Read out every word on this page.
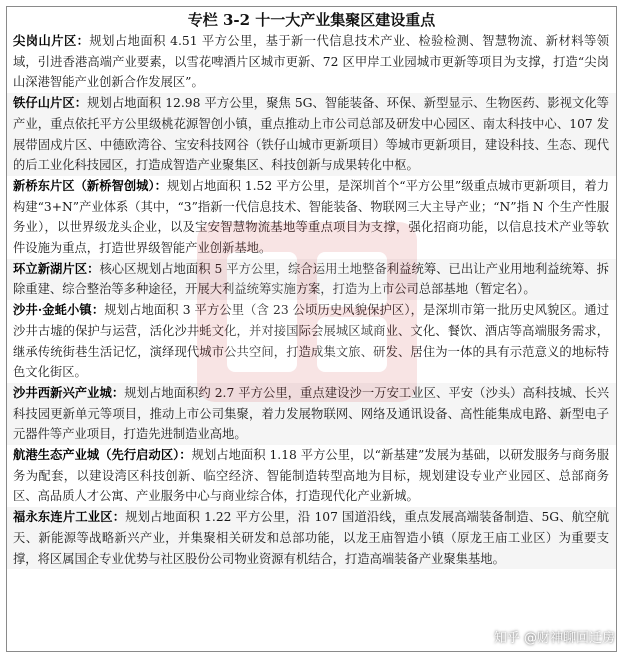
专栏 3-2 十一大产业集聚区建设重点
尖岗山片区：规划占地面积 4.51 平方公里，基于新一代信息技术产业、检验检测、智慧物流、新材料等领域，引进香港高端产业要素，以雪花啤酒片区城市更新、72 区甲岸工业园城市更新等项目为支撑，打造“尖岗山深港智能产业创新合作发展区”。
铁仔山片区：规划占地面积 12.98 平方公里，聚焦 5G、智能装备、环保、新型显示、生物医药、影视文化等产业，重点依托平方公里级桃花源智创小镇，重点推动上市公司总部及研发中心园区、南太科技中心、107 发展带固戍片区、中德欧湾谷、宝安科技网谷（铁仔山城市更新项目）等城市更新项目，建设科技、生态、现代的后工业化科技园区，打造成智造产业聚集区、科技创新与成果转化中枢。
新桥东片区（新桥智创城）：规划占地面积 1.52 平方公里，是深圳首个“平方公里”级重点城市更新项目，着力构建“3+N”产业体系（其中，“3”指新一代信息技术、智能装备、物联网三大主导产业；“N”指 N 个生产性服务业），以世界级龙头企业，以及宝安智慧物流基地等重点项目为支撑，强化招商功能，以信息技术产业等软件设施为重点，打造世界级智能产业创新基地。
环立新湖片区：核心区规划占地面积 5 平方公里，综合运用土地整备利益统筹、已出让产业用地利益统筹、拆除重建、综合整治等多种途径，开展大利益统筹实施方案，打造为上市公司总部基地（暂定名）。
沙井·金蚝小镇：规划占地面积 3 平方公里（含 23 公顷历史风貌保护区），是深圳市第一批历史风貌区。通过沙井古墟的保护与运营，活化沙井蚝文化，并对接国际会展城区域商业、文化、餐饮、酒店等高端服务需求，继承传统街巷生活记忆，演绎现代城市公共空间，打造成集文旅、研发、居住为一体的具有示范意义的地标特色文化街区。
沙井西新兴产业城：规划占地面积约 2.7 平方公里，重点建设沙一万安工业区、平安（沙头）高科技城、长兴科技园更新单元等项目，推动上市公司集聚，着力发展物联网、网络及通讯设备、高性能集成电路、新型电子元器件等产业项目，打造先进制造业高地。
航港生态产业城（先行启动区）：规划占地面积 1.18 平方公里，以“新基建”发展为基础，以研发服务与商务服务为配套，以建设湾区科技创新、临空经济、智能制造转型高地为目标，规划建设专业产业园区、总部商务区、高品质人才公寓、产业服务中心与商业综合体，打造现代化产业新城。
福永东连片工业区：规划占地面积 1.22 平方公里，沿 107 国道沿线，重点发展高端装备制造、5G、航空航天、新能源等战略新兴产业，并集聚相关研发和总部功能，以龙王庙智造小镇（原龙王庙工业区）为重要支撑，将区属国企专业优势与社区股份公司物业资源有机结合，打造高端装备产业聚集基地。
知乎 @财神聊回迁房
